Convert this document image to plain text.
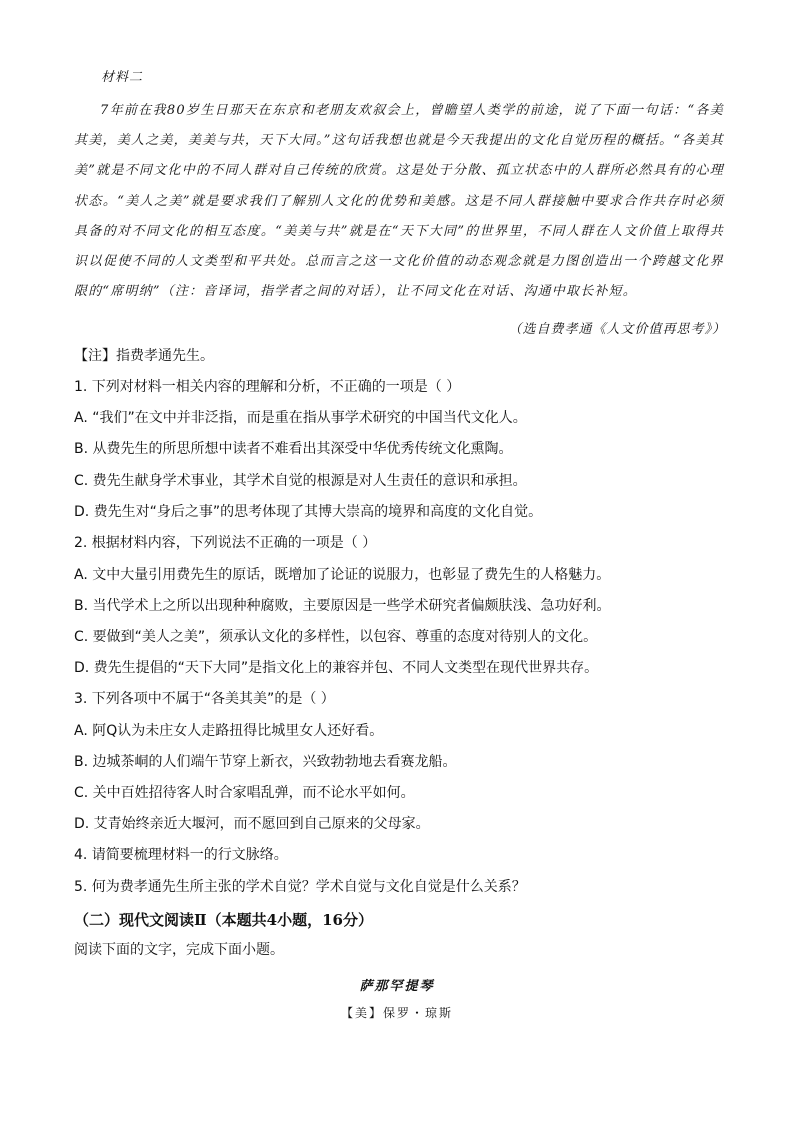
材料二

7年前在我80岁生日那天在东京和老朋友欢叙会上，曾瞻望人类学的前途，说了下面一句话：“各美其美，美人之美，美美与共，天下大同。”这句话我想也就是今天我提出的文化自觉历程的概括。“各美其美”就是不同文化中的不同人群对自己传统的欣赏。这是处于分散、孤立状态中的人群所必然具有的心理状态。“美人之美”就是要求我们了解别人文化的优势和美感。这是不同人群接触中要求合作共存时必须具备的对不同文化的相互态度。“美美与共”就是在“天下大同”的世界里，不同人群在人文价值上取得共识以促使不同的人文类型和平共处。总而言之这一文化价值的动态观念就是力图创造出一个跨越文化界限的“席明纳”（注：音译词，指学者之间的对话），让不同文化在对话、沟通中取长补短。

（选自费孝通《人文价值再思考》）
【注】指费孝通先生。
1. 下列对材料一相关内容的理解和分析，不正确的一项是（ ）
A. “我们”在文中并非泛指，而是重在指从事学术研究的中国当代文化人。
B. 从费先生的所思所想中读者不难看出其深受中华优秀传统文化熏陶。
C. 费先生献身学术事业，其学术自觉的根源是对人生责任的意识和承担。
D. 费先生对“身后之事”的思考体现了其博大崇高的境界和高度的文化自觉。
2. 根据材料内容，下列说法不正确的一项是（ ）
A. 文中大量引用费先生的原话，既增加了论证的说服力，也彰显了费先生的人格魅力。
B. 当代学术上之所以出现种种腐败，主要原因是一些学术研究者偏颇肤浅、急功好利。
C. 要做到“美人之美”，须承认文化的多样性，以包容、尊重的态度对待别人的文化。
D. 费先生提倡的“天下大同”是指文化上的兼容并包、不同人文类型在现代世界共存。
3. 下列各项中不属于“各美其美”的是（ ）
A. 阿Q认为未庄女人走路扭得比城里女人还好看。
B. 边城茶峒的人们端午节穿上新衣，兴致勃勃地去看赛龙船。
C. 关中百姓招待客人时合家唱乱弹，而不论水平如何。
D. 艾青始终亲近大堰河，而不愿回到自己原来的父母家。
4. 请简要梳理材料一的行文脉络。
5. 何为费孝通先生所主张的学术自觉？学术自觉与文化自觉是什么关系？
（二）现代文阅读Ⅱ（本题共4小题，16分）
阅读下面的文字，完成下面小题。
萨那罕提琴
【美】保罗・琼斯
